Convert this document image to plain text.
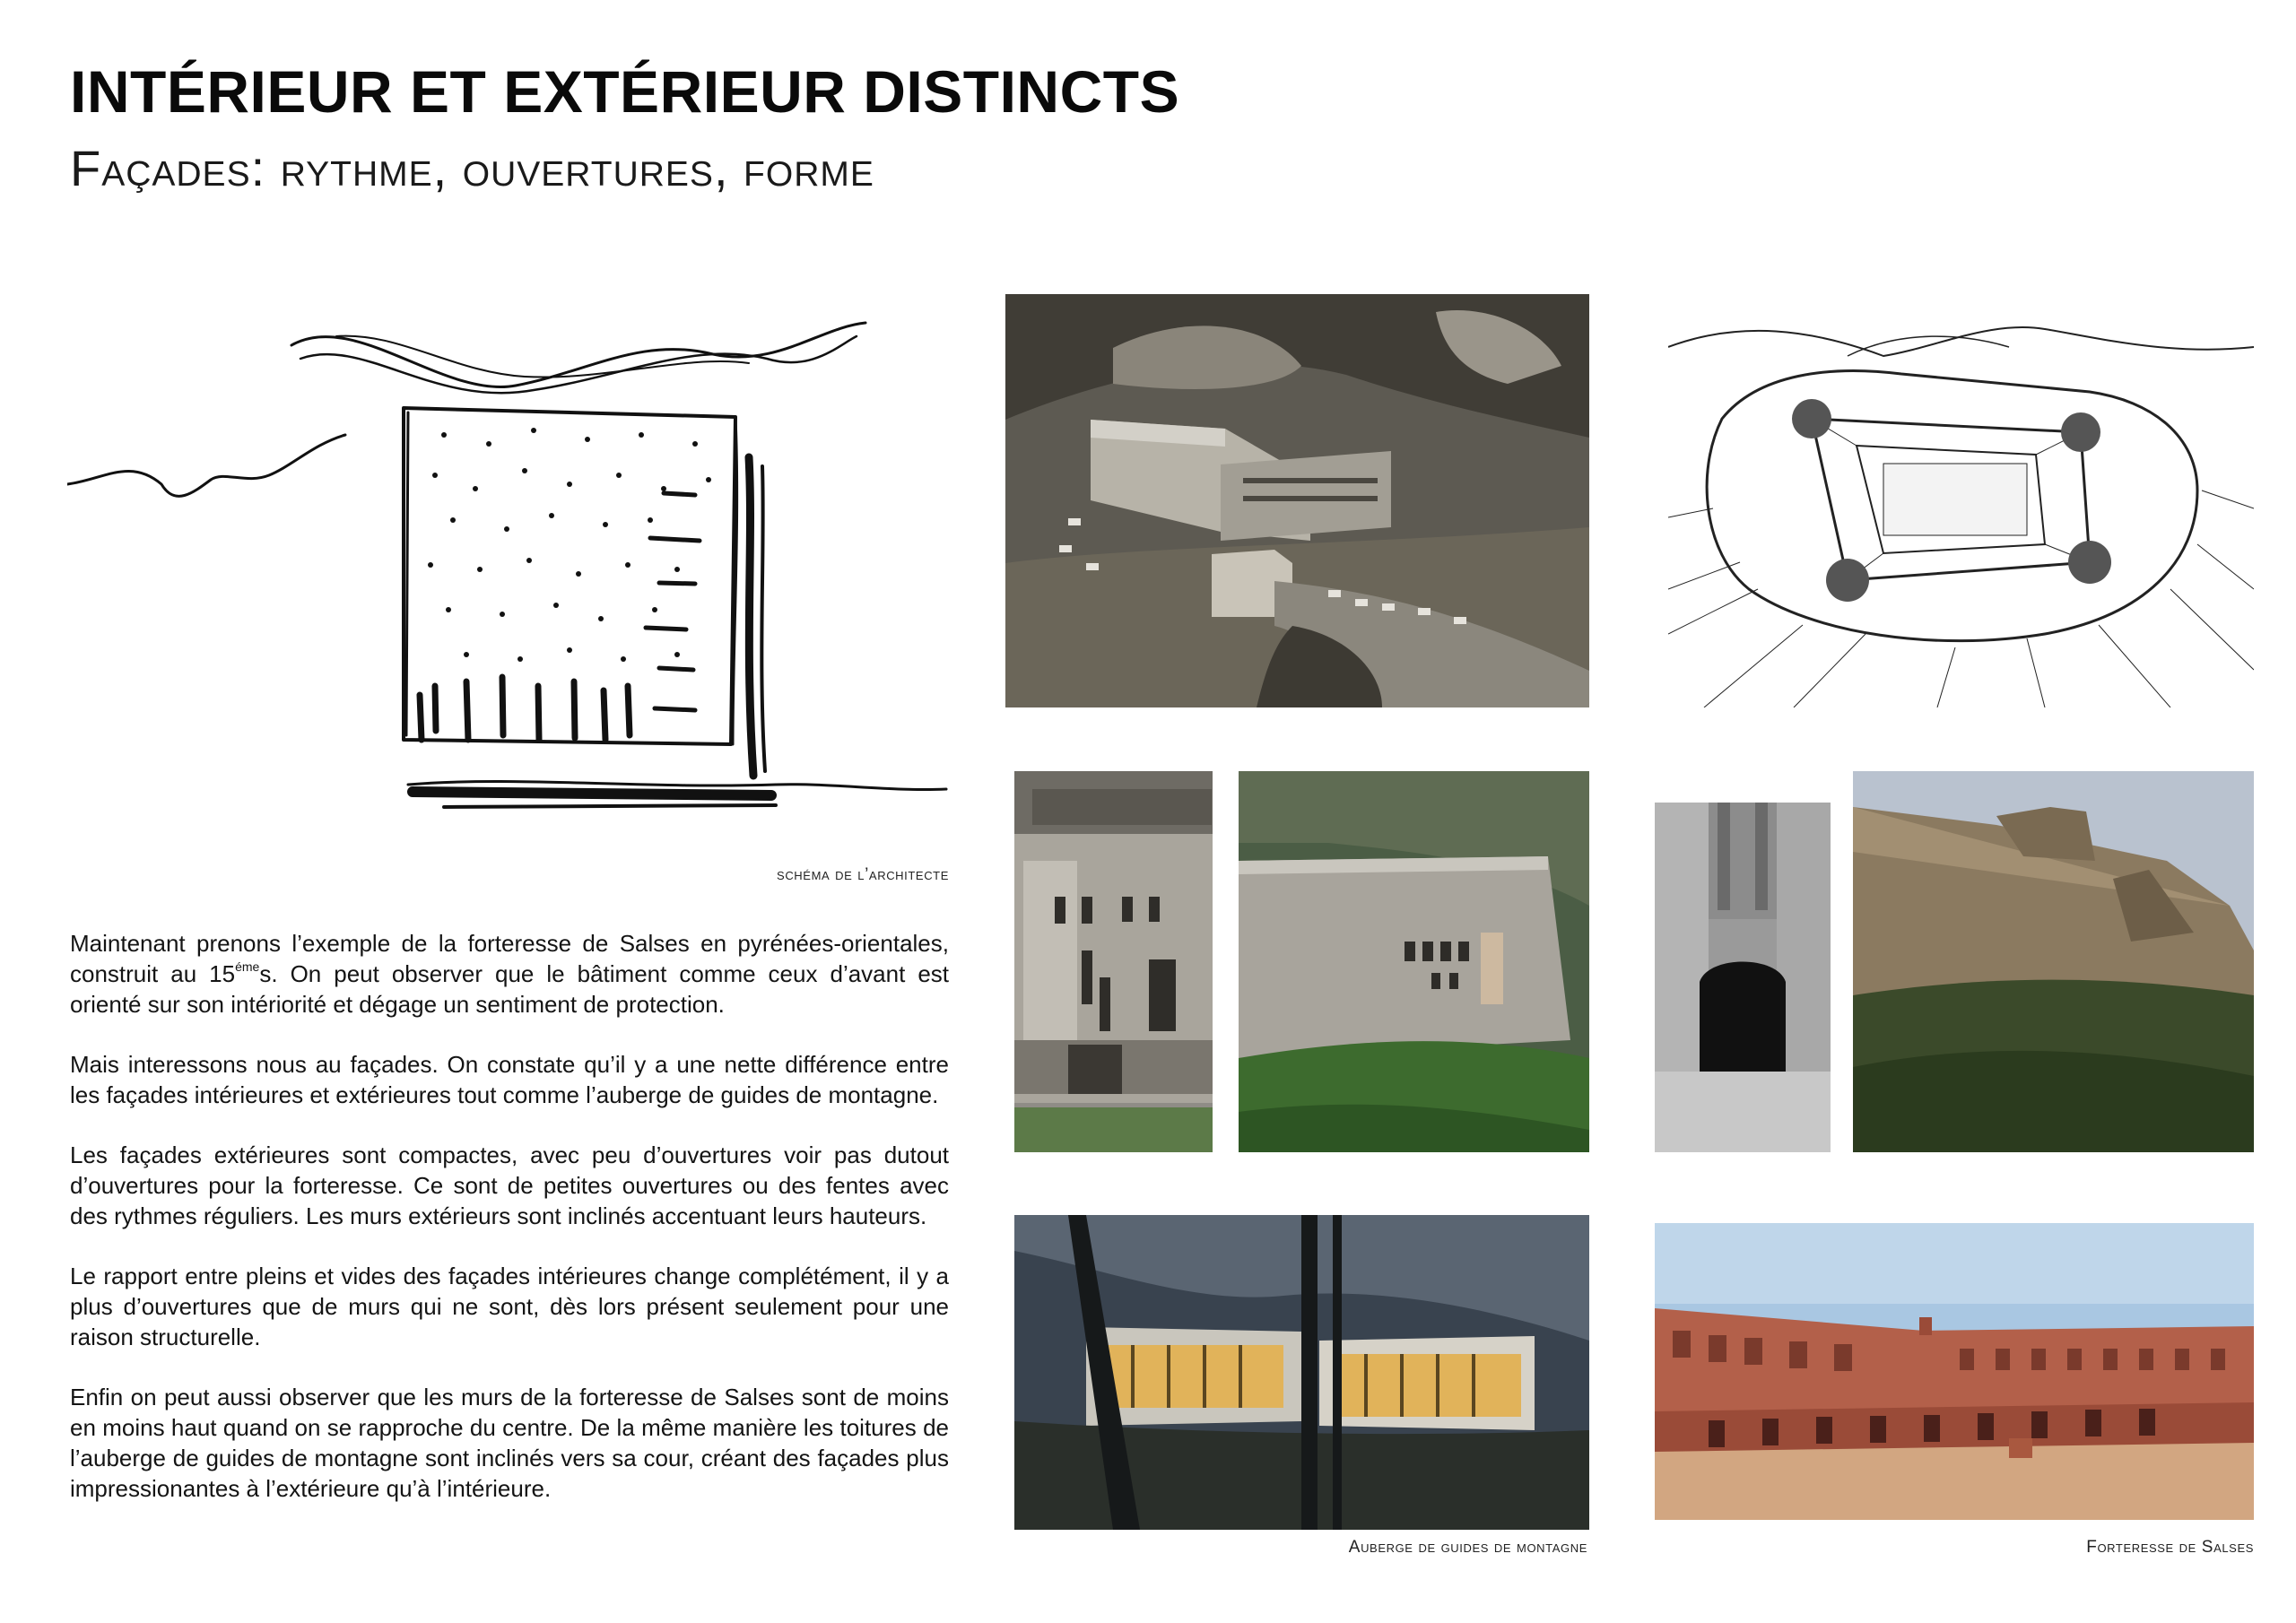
INTÉRIEUR ET EXTÉRIEUR DISTINCTS
Façades: rythme, ouvertures, forme
schéma de l’architecte

Maintenant prenons l’exemple de la forteresse de Salses en pyrénées-orientales, construit au $15^{éme}s$. On peut observer que le bâtiment comme ceux d’avant est orienté sur son intériorité et dégage un sentiment de protection.

Mais interessons nous au façades. On constate qu’il y a une nette différence entre les façades intérieures et extérieures tout comme l’auberge de guides de montagne.

Les façades extérieures sont compactes, avec peu d’ouvertures voir pas dutout d’ouvertures pour la forteresse. Ce sont de petites ouvertures ou des fentes avec des rythmes réguliers. Les murs extérieurs sont inclinés accentuant leurs hauteurs.

Le rapport entre pleins et vides des façades intérieures change complétément, il y a plus d’ouvertures que de murs qui ne sont, dès lors présent seulement pour une raison structurelle.

Enfin on peut aussi observer que les murs de la forteresse de Salses sont de moins en moins haut quand on se rapproche du centre. De la même manière les toitures de l’auberge de guides de montagne sont inclinés vers sa cour, créant des façades plus impressionantes à l’extérieure qu’à l’intérieure.

Auberge de guides de montagne	Forteresse de Salses
